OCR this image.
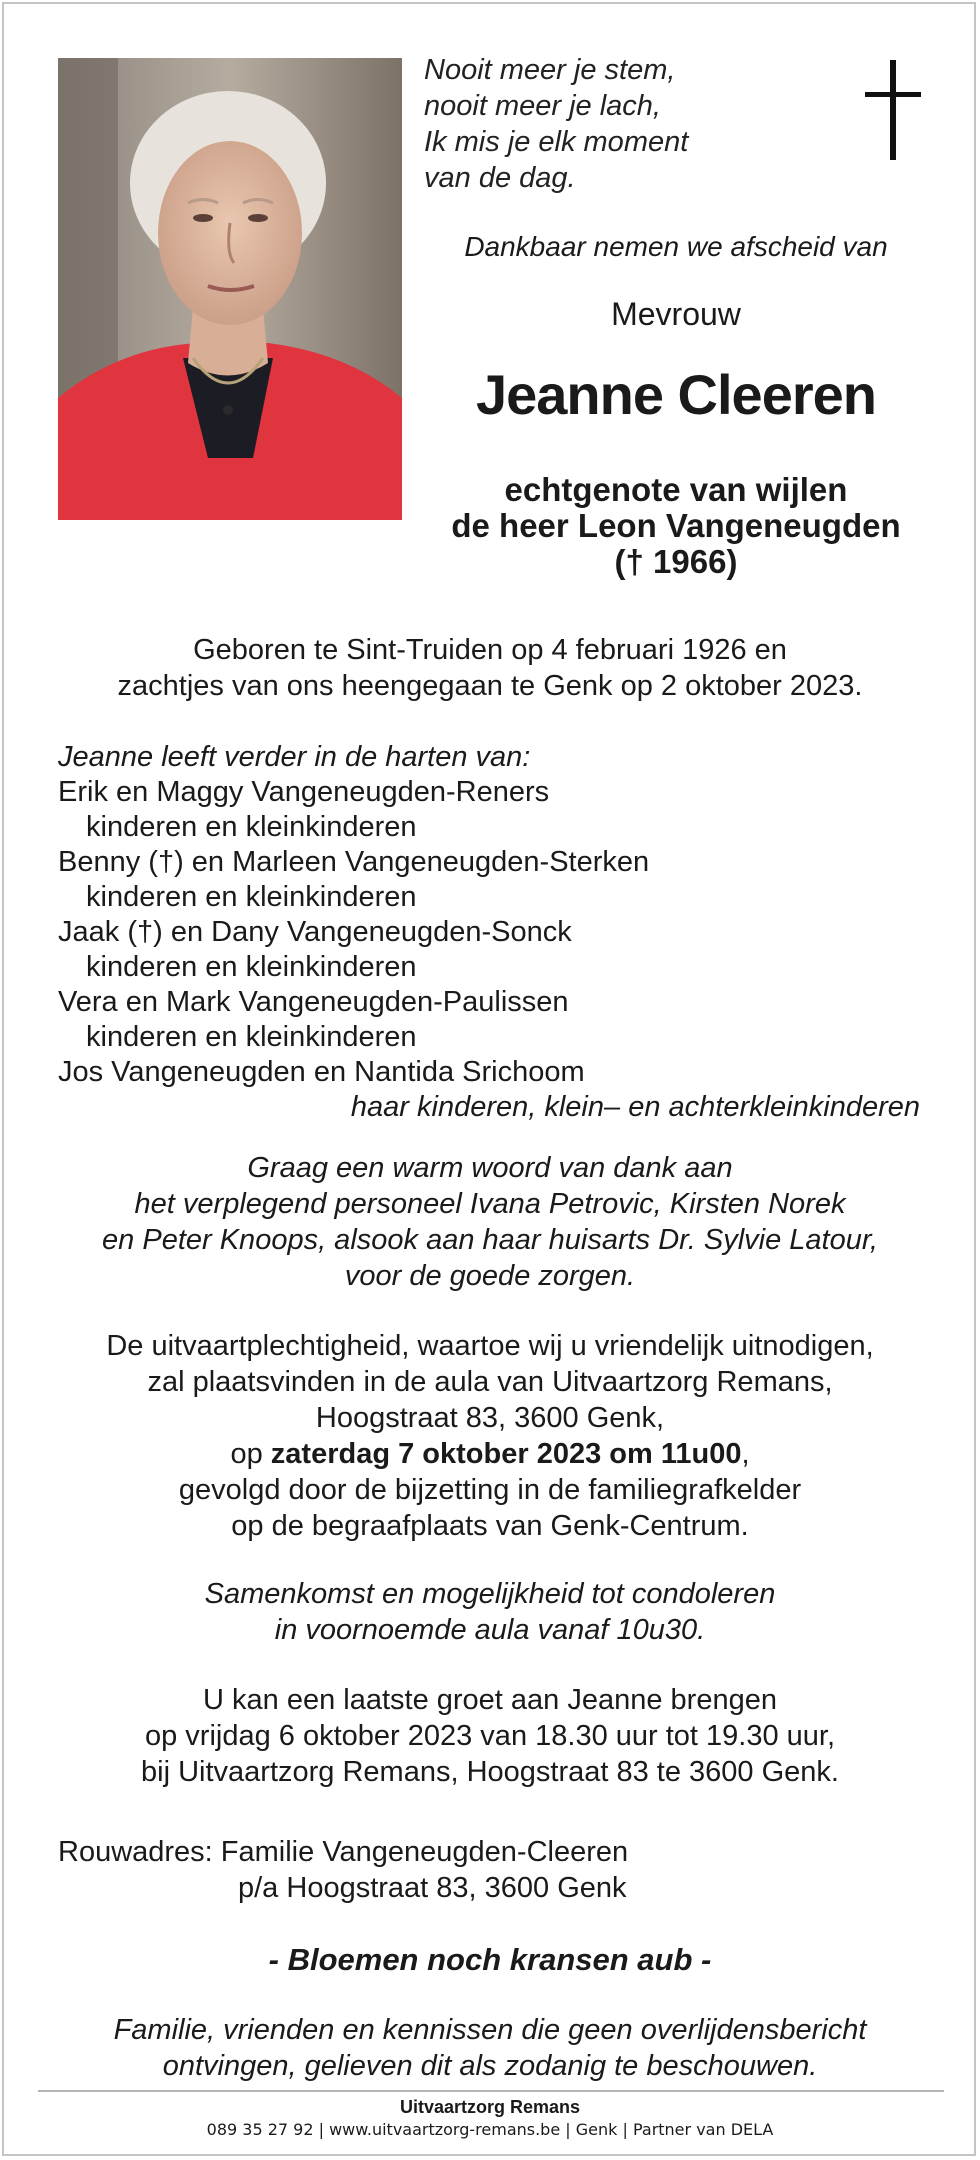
Nooit meer je stem,
nooit meer je lach,
Ik mis je elk moment
van de dag.
Dankbaar nemen we afscheid van
Mevrouw
Jeanne Cleeren
echtgenote van wijlen
de heer Leon Vangeneugden
(† 1966)
Geboren te Sint-Truiden op 4 februari 1926 en
zachtjes van ons heengegaan te Genk op 2 oktober 2023.
Jeanne leeft verder in de harten van:
Erik en Maggy Vangeneugden-Reners
kinderen en kleinkinderen
Benny (†) en Marleen Vangeneugden-Sterken
kinderen en kleinkinderen
Jaak (†) en Dany Vangeneugden-Sonck
kinderen en kleinkinderen
Vera en Mark Vangeneugden-Paulissen
kinderen en kleinkinderen
Jos Vangeneugden en Nantida Srichoom
haar kinderen, klein– en achterkleinkinderen
Graag een warm woord van dank aan
het verplegend personeel Ivana Petrovic, Kirsten Norek
en Peter Knoops, alsook aan haar huisarts Dr. Sylvie Latour,
voor de goede zorgen.
De uitvaartplechtigheid, waartoe wij u vriendelijk uitnodigen,
zal plaatsvinden in de aula van Uitvaartzorg Remans,
Hoogstraat 83, 3600 Genk,
op zaterdag 7 oktober 2023 om 11u00,
gevolgd door de bijzetting in de familiegrafkelder
op de begraafplaats van Genk-Centrum.
Samenkomst en mogelijkheid tot condoleren
in voornoemde aula vanaf 10u30.
U kan een laatste groet aan Jeanne brengen
op vrijdag 6 oktober 2023 van 18.30 uur tot 19.30 uur,
bij Uitvaartzorg Remans, Hoogstraat 83 te 3600 Genk.
Rouwadres: Familie Vangeneugden-Cleeren
p/a Hoogstraat 83, 3600 Genk
- Bloemen noch kransen aub -
Familie, vrienden en kennissen die geen overlijdensbericht
ontvingen, gelieven dit als zodanig te beschouwen.
Uitvaartzorg Remans
089 35 27 92 | www.uitvaartzorg-remans.be | Genk | Partner van DELA
